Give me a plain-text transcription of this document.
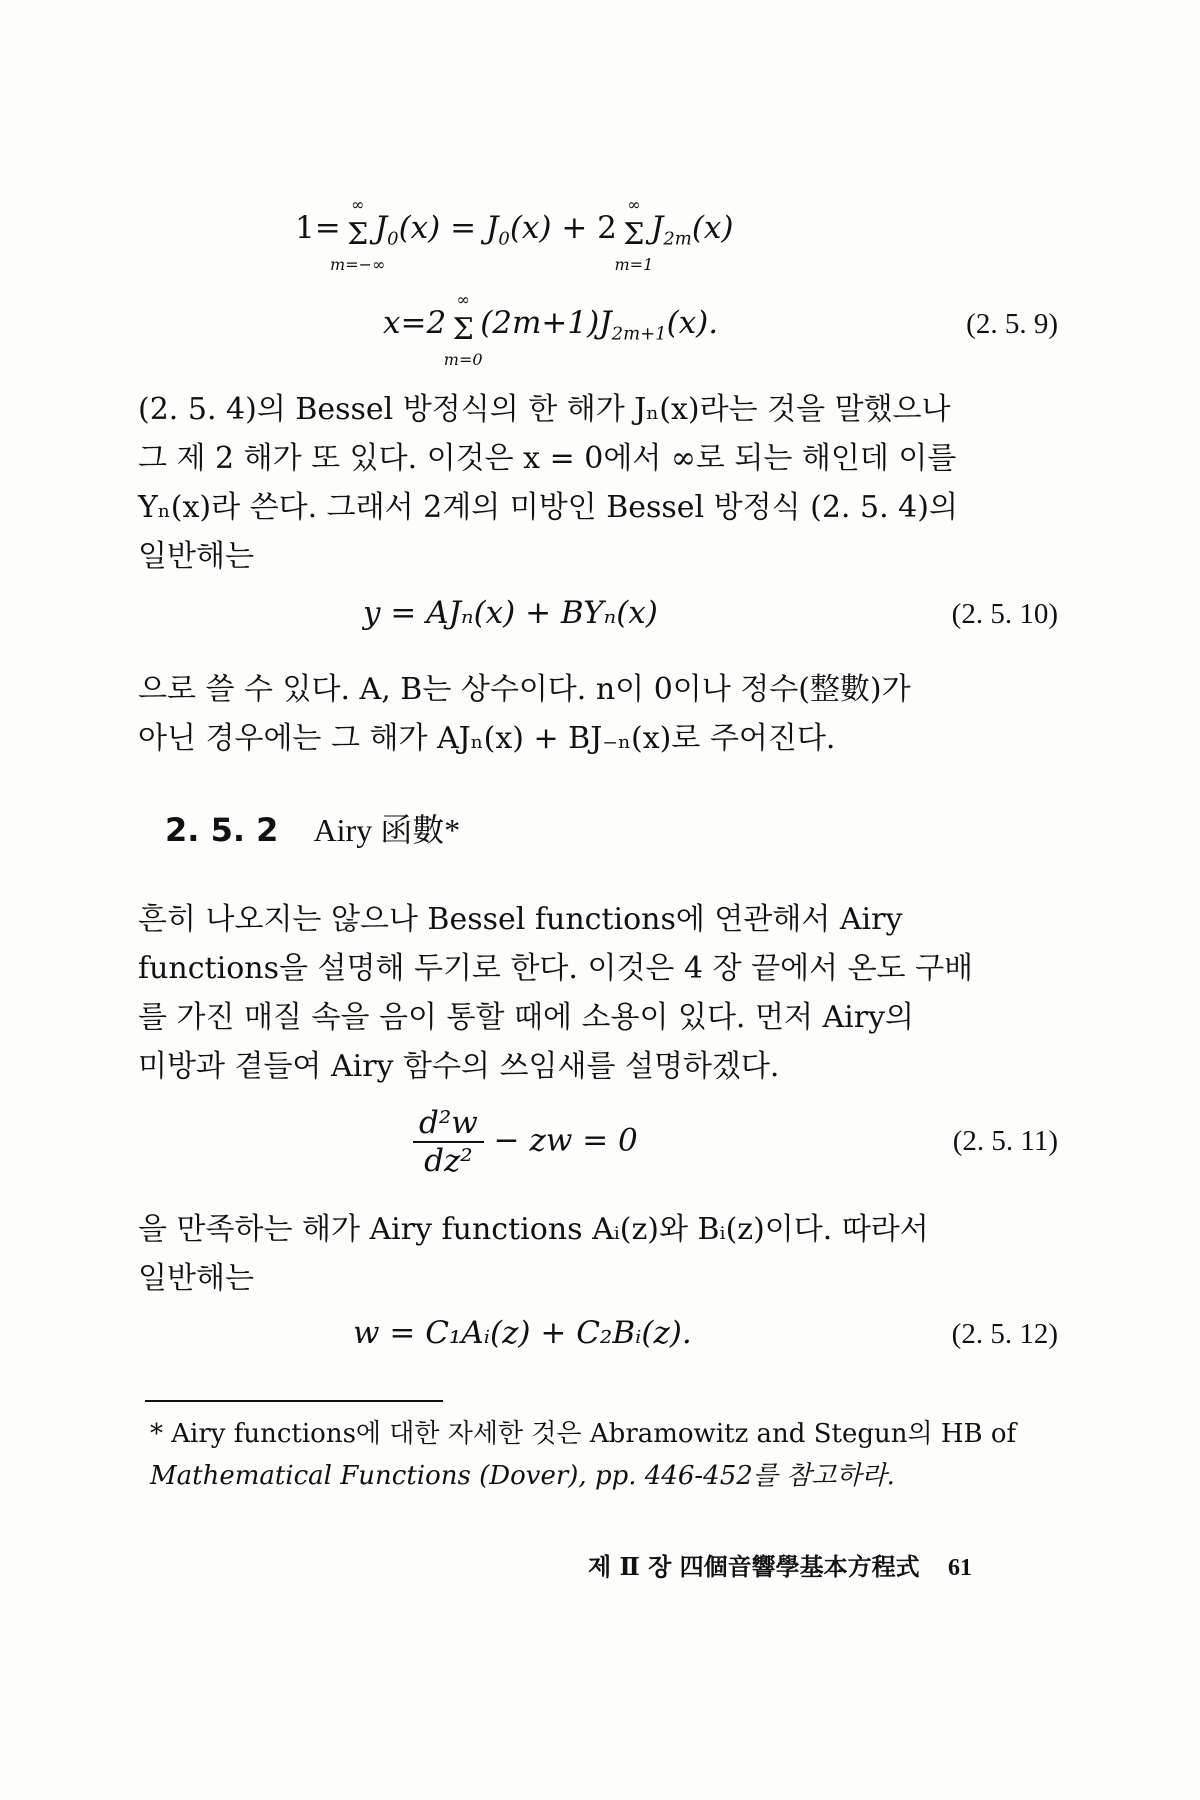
1= Σ
∞
m=−∞
$J_0(x) = J_0(x) + 2$ Σ
∞
m=1
$J_{2m}(x)$
x=2 Σ
∞
m=0
$(2m+1)J_{2m+1}(x)$.	(2. 5. 9)
(2. 5. 4)의 Bessel 방정식의 한 해가 Jₙ(x)라는 것을 말했으나
그 제 2 해가 또 있다. 이것은 x = 0에서 ∞로 되는 해인데 이를
Yₙ(x)라 쓴다. 그래서 2계의 미방인 Bessel 방정식 (2. 5. 4)의
일반해는
y = AJₙ(x) + BYₙ(x)	(2. 5. 10)
으로 쓸 수 있다. A, B는 상수이다. n이 0이나 정수(整數)가
아닌 경우에는 그 해가 AJₙ(x) + BJ₋ₙ(x)로 주어진다.
2. 5. 2 Airy 函數*
흔히 나오지는 않으나 Bessel functions에 연관해서 Airy
functions을 설명해 두기로 한다. 이것은 4 장 끝에서 온도 구배
를 가진 매질 속을 음이 통할 때에 소용이 있다. 먼저 Airy의
미방과 곁들여 Airy 함수의 쓰임새를 설명하겠다.
$\frac{\text{d²w}}{\text{dz²}}$ − zw = 0	(2. 5. 11)
을 만족하는 해가 Airy functions Aᵢ(z)와 Bᵢ(z)이다. 따라서
일반해는
w = C₁Aᵢ(z) + C₂Bᵢ(z).	(2. 5. 12)
* Airy functions에 대한 자세한 것은 Abramowitz and Stegun의 HB of
Mathematical Functions (Dover), pp. 446-452를 참고하라.
제 Ⅱ 장 四個音響學基本方程式 61
